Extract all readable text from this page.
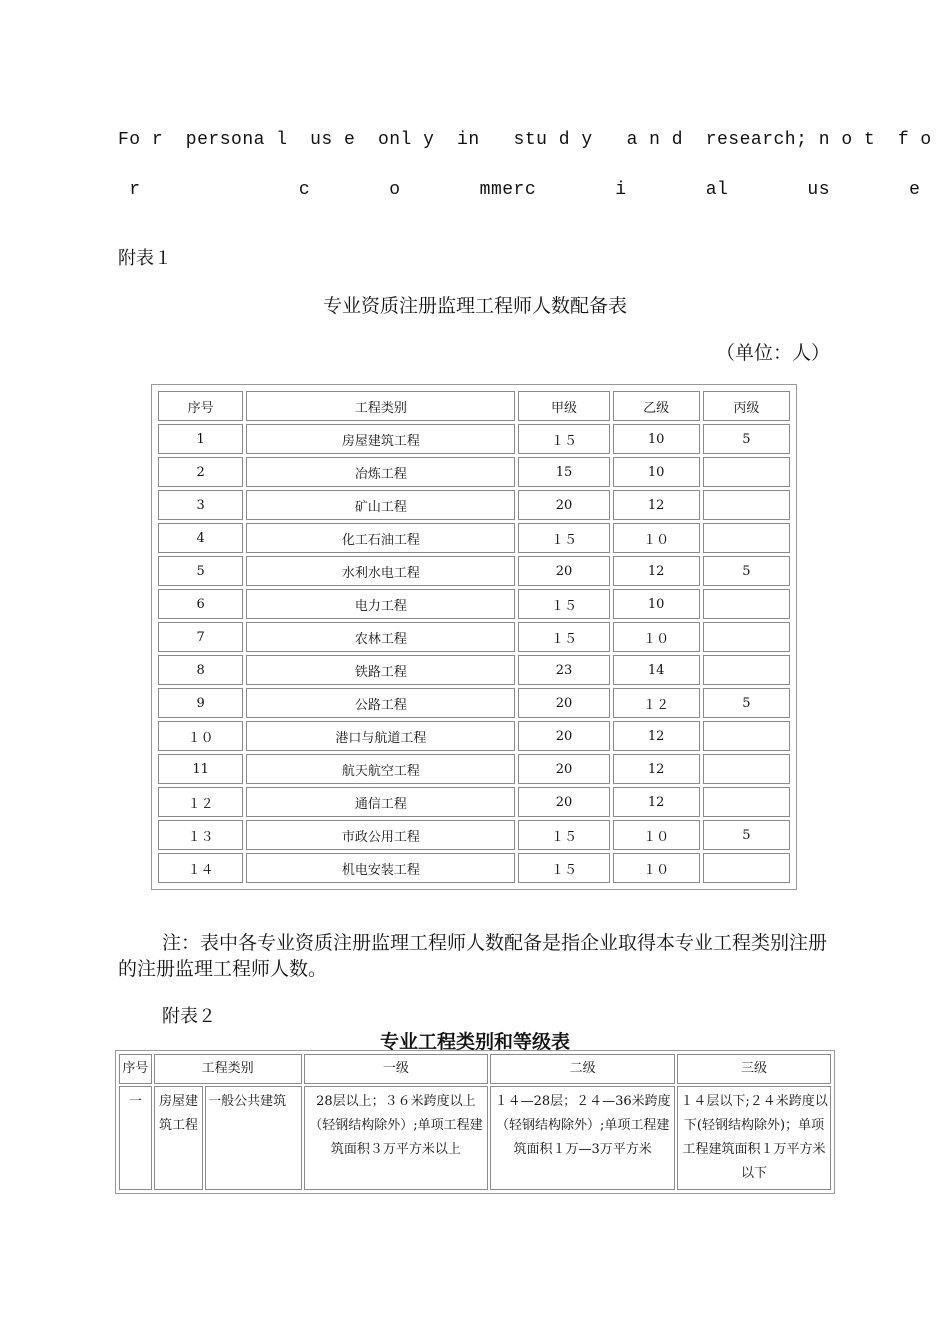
Fo r  persona l  us e  onl y  in   stu d y   a n d  research; n o t  f o
r              c       o       mmerc       i       al       us       e
附表１
专业资质注册监理工程师人数配备表
（单位：人）
序号	工程类别	甲级	乙级	丙级
1	房屋建筑工程	１５	10	5
2	冶炼工程	15	10	
3	矿山工程	20	12	
4	化工石油工程	１５	１０	
5	水利水电工程	20	12	5
6	电力工程	１５	10	
7	农林工程	１５	１０	
8	铁路工程	23	14	
9	公路工程	20	１２	5
１０	港口与航道工程	20	12	
11	航天航空工程	20	12	
１２	通信工程	20	12	
１３	市政公用工程	１５	１０	5
１４	机电安装工程	１５	１０	
注：表中各专业资质注册监理工程师人数配备是指企业取得本专业工程类别注册的注册监理工程师人数。
附表２
专业工程类别和等级表
序号	工程类别		一级	二级	三级
一	房屋建筑工程	一般公共建筑	28层以上；３６米跨度以上（轻钢结构除外）;单项工程建筑面积３万平方米以上	１４—28层；２４—36米跨度（轻钢结构除外）;单项工程建筑面积１万—3万平方米	１４层以下;２４米跨度以下(轻钢结构除外)；单项工程建筑面积１万平方米以下
